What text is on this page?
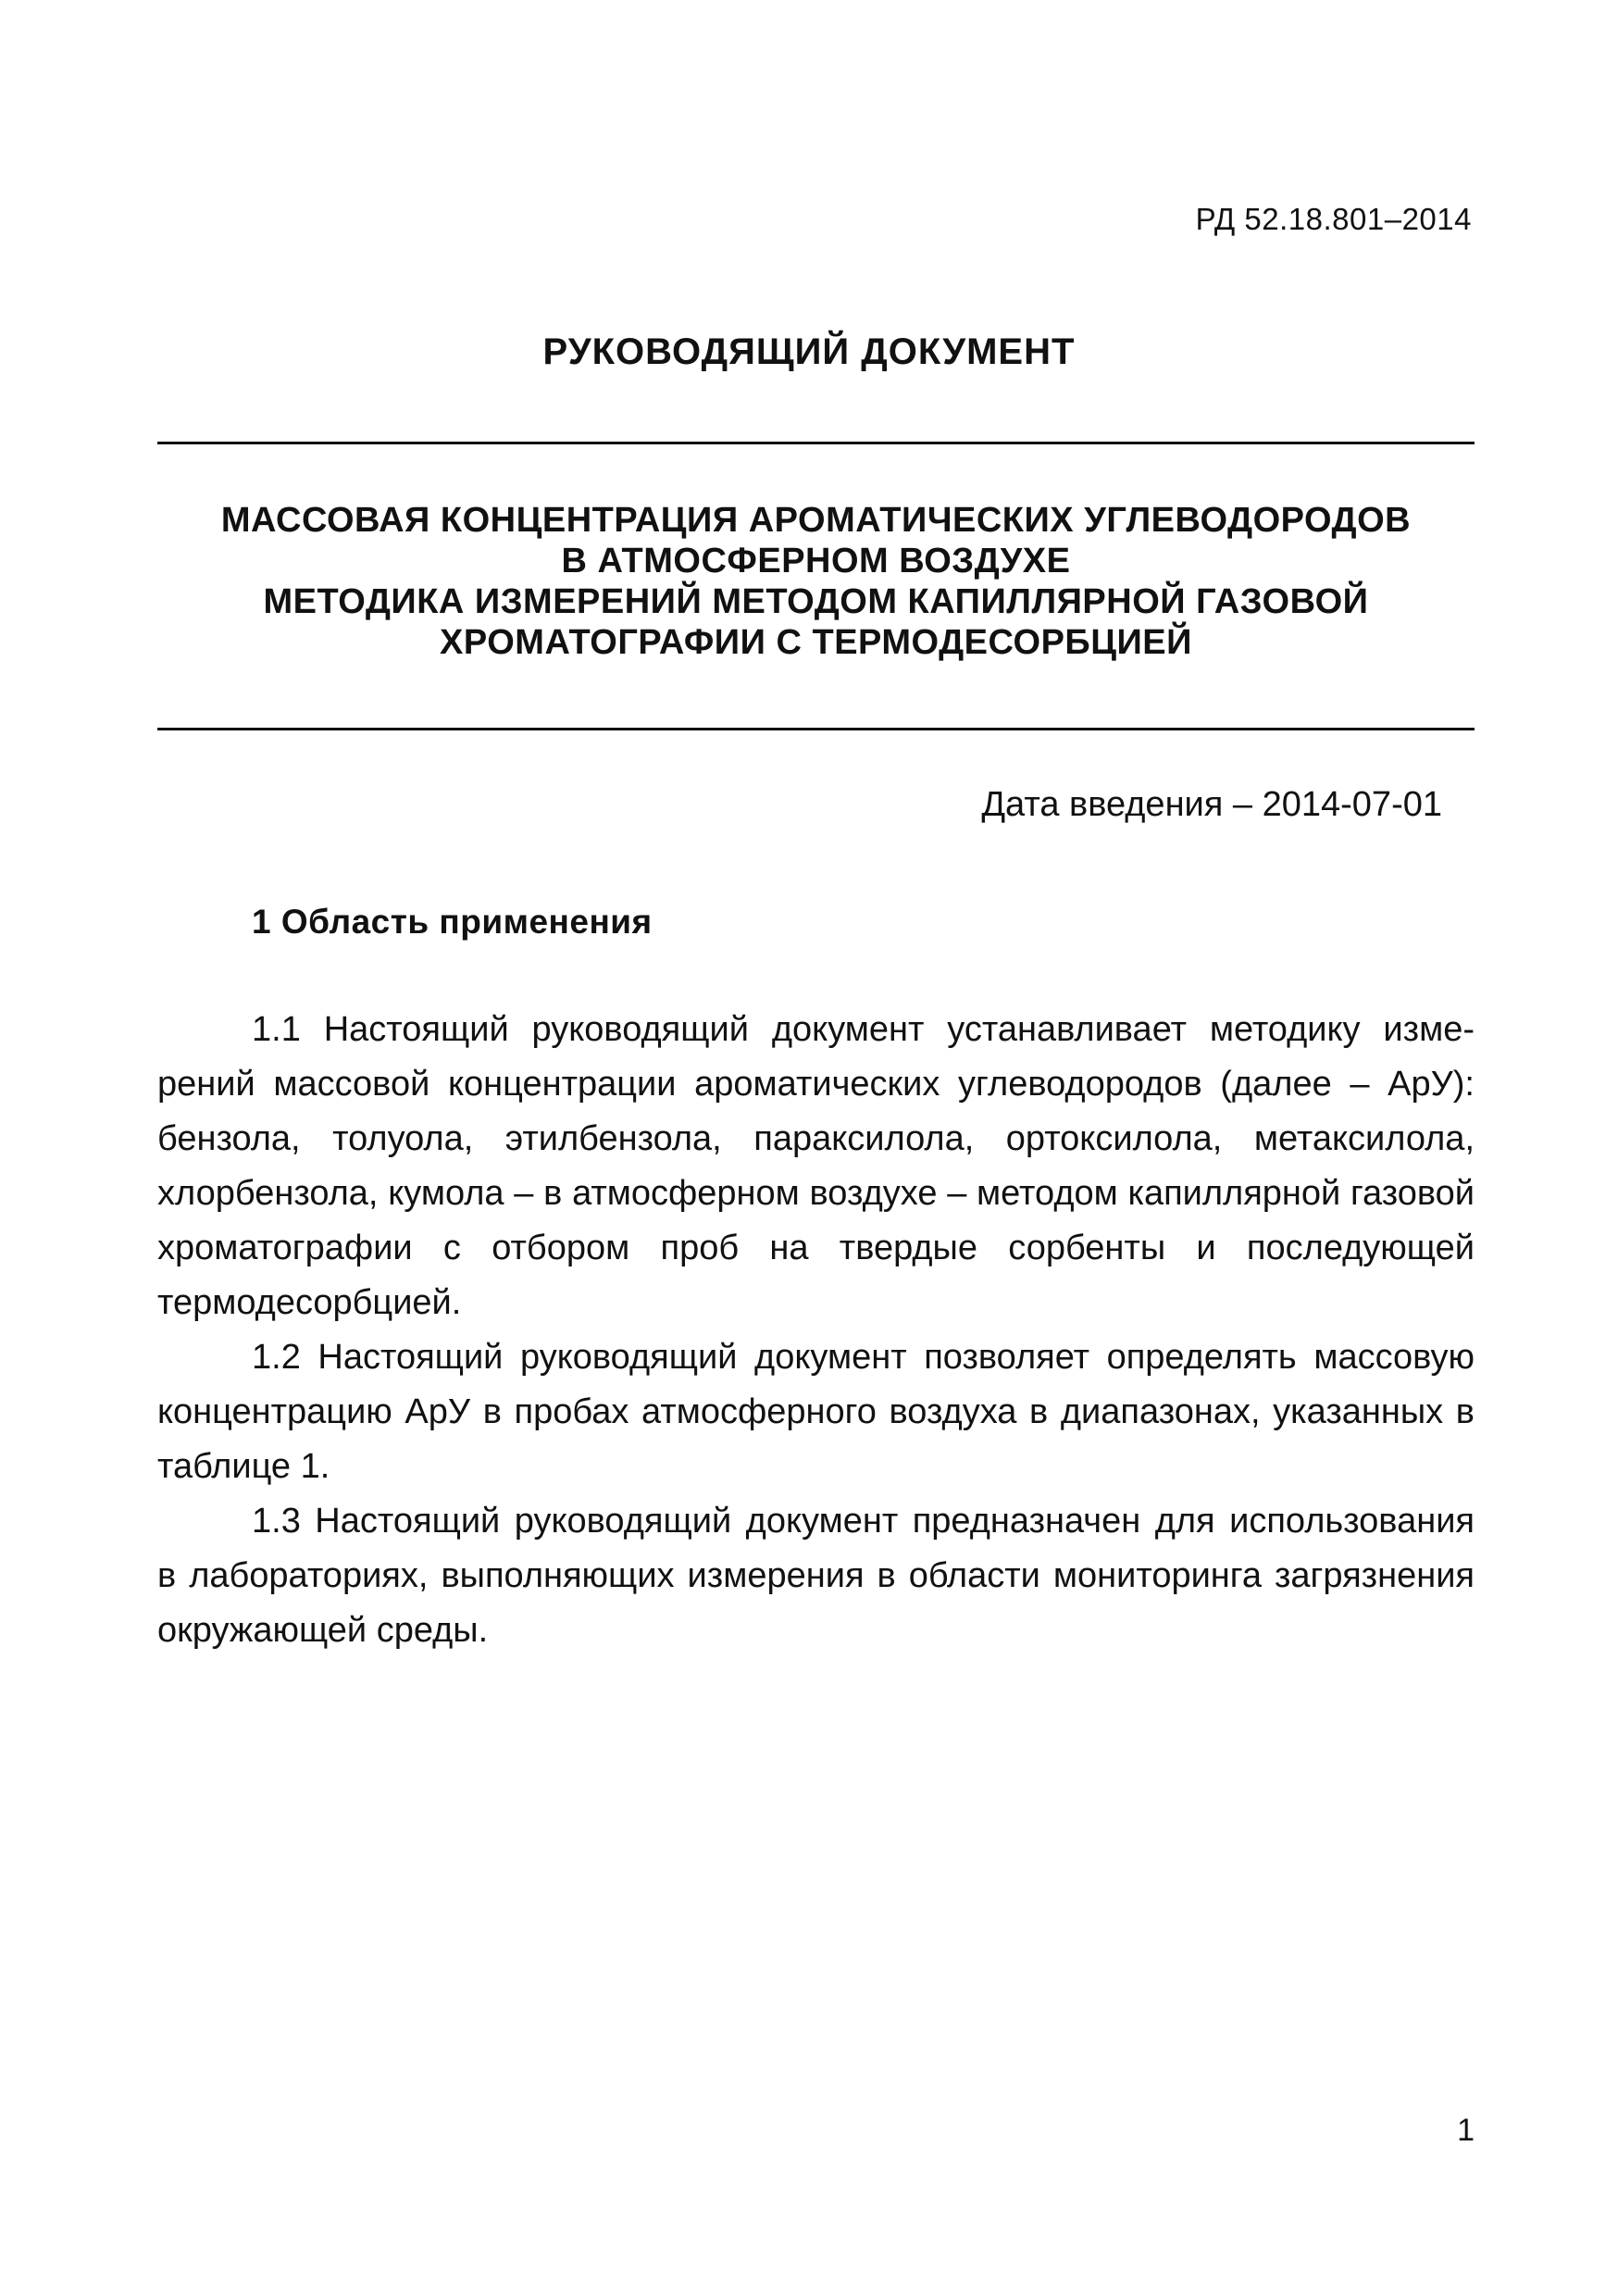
РД 52.18.801–2014
РУКОВОДЯЩИЙ ДОКУМЕНТ
МАССОВАЯ КОНЦЕНТРАЦИЯ АРОМАТИЧЕСКИХ УГЛЕВОДОРОДОВ
В АТМОСФЕРНОМ ВОЗДУХЕ
МЕТОДИКА ИЗМЕРЕНИЙ МЕТОДОМ КАПИЛЛЯРНОЙ ГАЗОВОЙ
ХРОМАТОГРАФИИ С ТЕРМОДЕСОРБЦИЕЙ
Дата введения – 2014-07-01
1 Область применения

1.1 Настоящий руководящий документ устанавливает методику измерений массовой концентрации ароматических углеводородов (далее – АрУ): бензола, толуола, этилбензола, параксилола, ортоксилола, метаксилола, хлорбензола, кумола – в атмосферном воздухе – методом капиллярной газовой хроматографии с отбором проб на твердые сорбенты и последующей термодесорбцией.

1.2 Настоящий руководящий документ позволяет определять массовую концентрацию АрУ в пробах атмосферного воздуха в диапазонах, указанных в таблице 1.

1.3 Настоящий руководящий документ предназначен для использования в лабораториях, выполняющих измерения в области мониторинга загрязнения окружающей среды.

1
